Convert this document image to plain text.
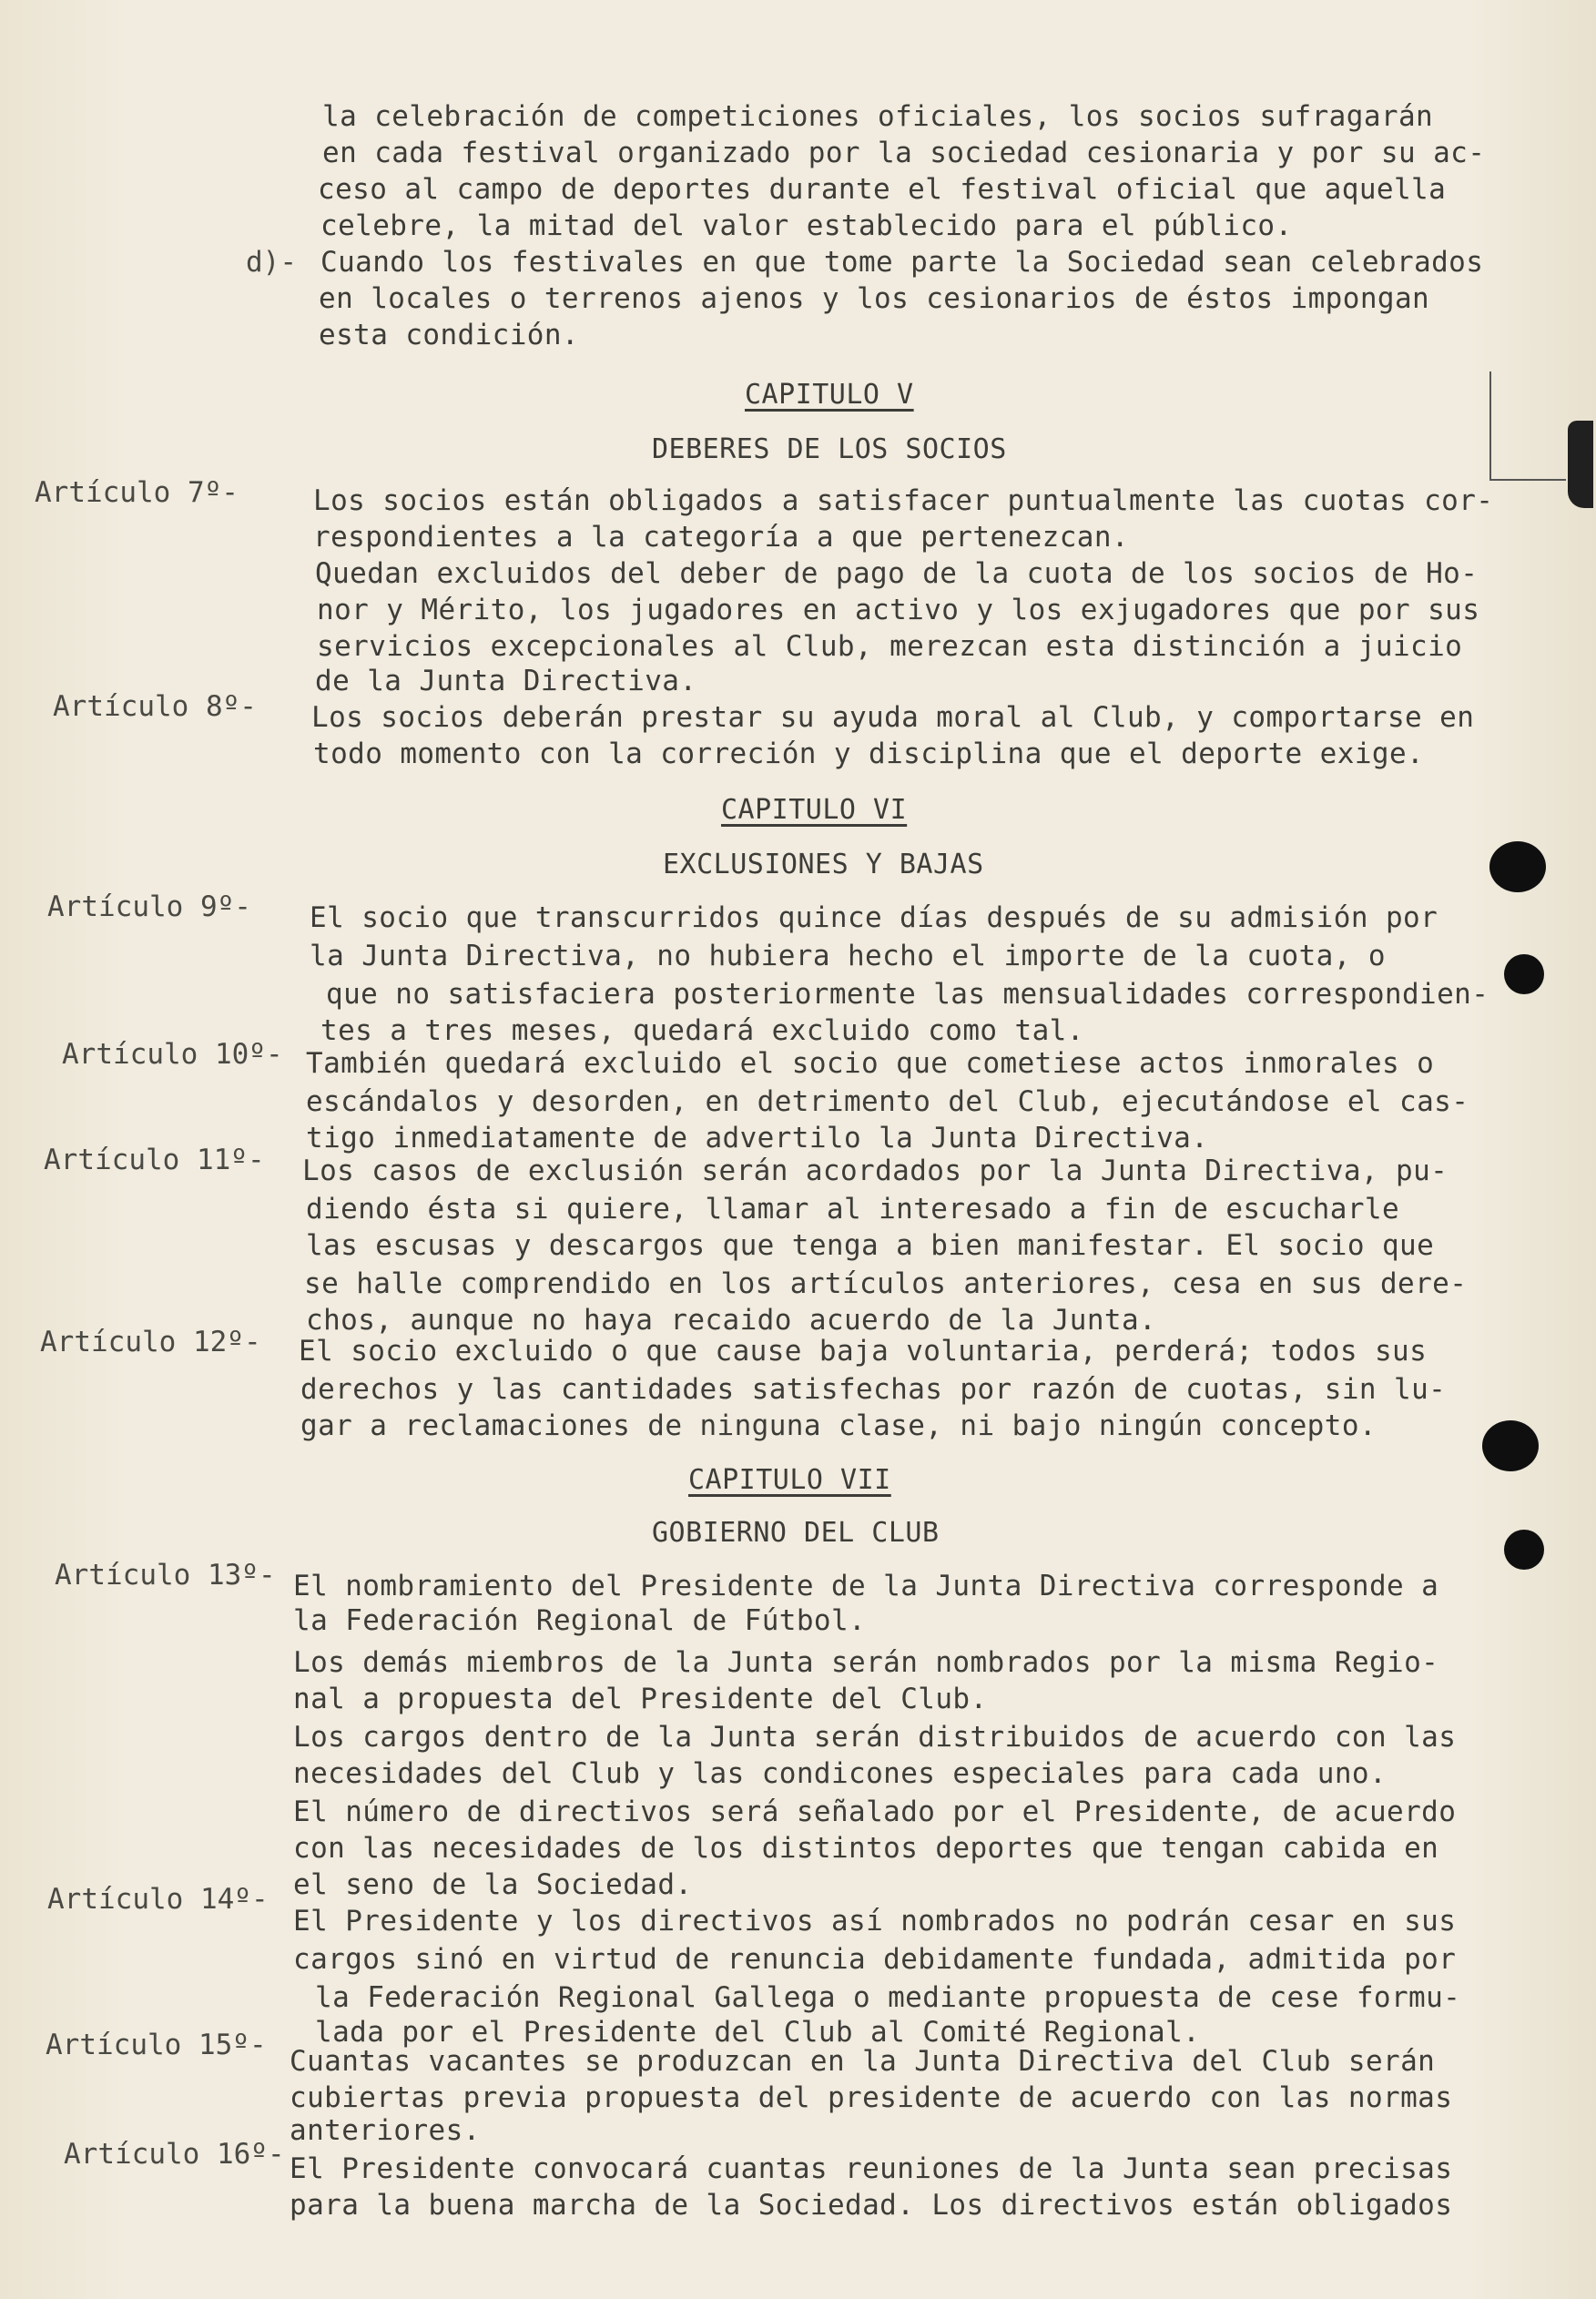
la celebración de competiciones oficiales, los socios sufragarán
en cada festival organizado por la sociedad cesionaria y por su ac-
ceso al campo de deportes durante el festival oficial que aquella
celebre, la mitad del valor establecido para el público.
d)- Cuando los festivales en que tome parte la Sociedad sean celebrados
en locales o terrenos ajenos y los cesionarios de éstos impongan
esta condición.
CAPITULO V
DEBERES DE LOS SOCIOS
Artículo 7º-	Los socios están obligados a satisfacer puntualmente las cuotas cor-
respondientes a la categoría a que pertenezcan.
Quedan excluidos del deber de pago de la cuota de los socios de Ho-
nor y Mérito, los jugadores en activo y los exjugadores que por sus
servicios excepcionales al Club, merezcan esta distinción a juicio
de la Junta Directiva.
Artículo 8º- Los socios deberán prestar su ayuda moral al Club, y comportarse en
todo momento con la correción y disciplina que el deporte exige.
CAPITULO VI
EXCLUSIONES Y BAJAS
Artículo 9º- El socio que transcurridos quince días después de su admisión por
la Junta Directiva, no hubiera hecho el importe de la cuota, o
que no satisfaciera posteriormente las mensualidades correspondien-
tes a tres meses, quedará excluido como tal.
Artículo 10º- También quedará excluido el socio que cometiese actos inmorales o
escándalos y desorden, en detrimento del Club, ejecutándose el cas-
tigo inmediatamente de advertilo la Junta Directiva.
Artículo 11º- Los casos de exclusión serán acordados por la Junta Directiva, pu-
diendo ésta si quiere, llamar al interesado a fin de escucharle
las escusas y descargos que tenga a bien manifestar. El socio que
se halle comprendido en los artículos anteriores, cesa en sus dere-
chos, aunque no haya recaido acuerdo de la Junta.
Artículo 12º- El socio excluido o que cause baja voluntaria, perderá; todos sus
derechos y las cantidades satisfechas por razón de cuotas, sin lu-
gar a reclamaciones de ninguna clase, ni bajo ningún concepto.
CAPITULO VII
GOBIERNO DEL CLUB
Artículo 13º- El nombramiento del Presidente de la Junta Directiva corresponde a
la Federación Regional de Fútbol.
Los demás miembros de la Junta serán nombrados por la misma Regio-
nal a propuesta del Presidente del Club.
Los cargos dentro de la Junta serán distribuidos de acuerdo con las
necesidades del Club y las condicones especiales para cada uno.
El número de directivos será señalado por el Presidente, de acuerdo
con las necesidades de los distintos deportes que tengan cabida en
el seno de la Sociedad.
Artículo 14º-
El Presidente y los directivos así nombrados no podrán cesar en sus
cargos sinó en virtud de renuncia debidamente fundada, admitida por
la Federación Regional Gallega o mediante propuesta de cese formu-
lada por el Presidente del Club al Comité Regional.
Artículo 15º- Cuantas vacantes se produzcan en la Junta Directiva del Club serán
cubiertas previa propuesta del presidente de acuerdo con las normas
anteriores.
Artículo 16º- El Presidente convocará cuantas reuniones de la Junta sean precisas
para la buena marcha de la Sociedad. Los directivos están obligados
